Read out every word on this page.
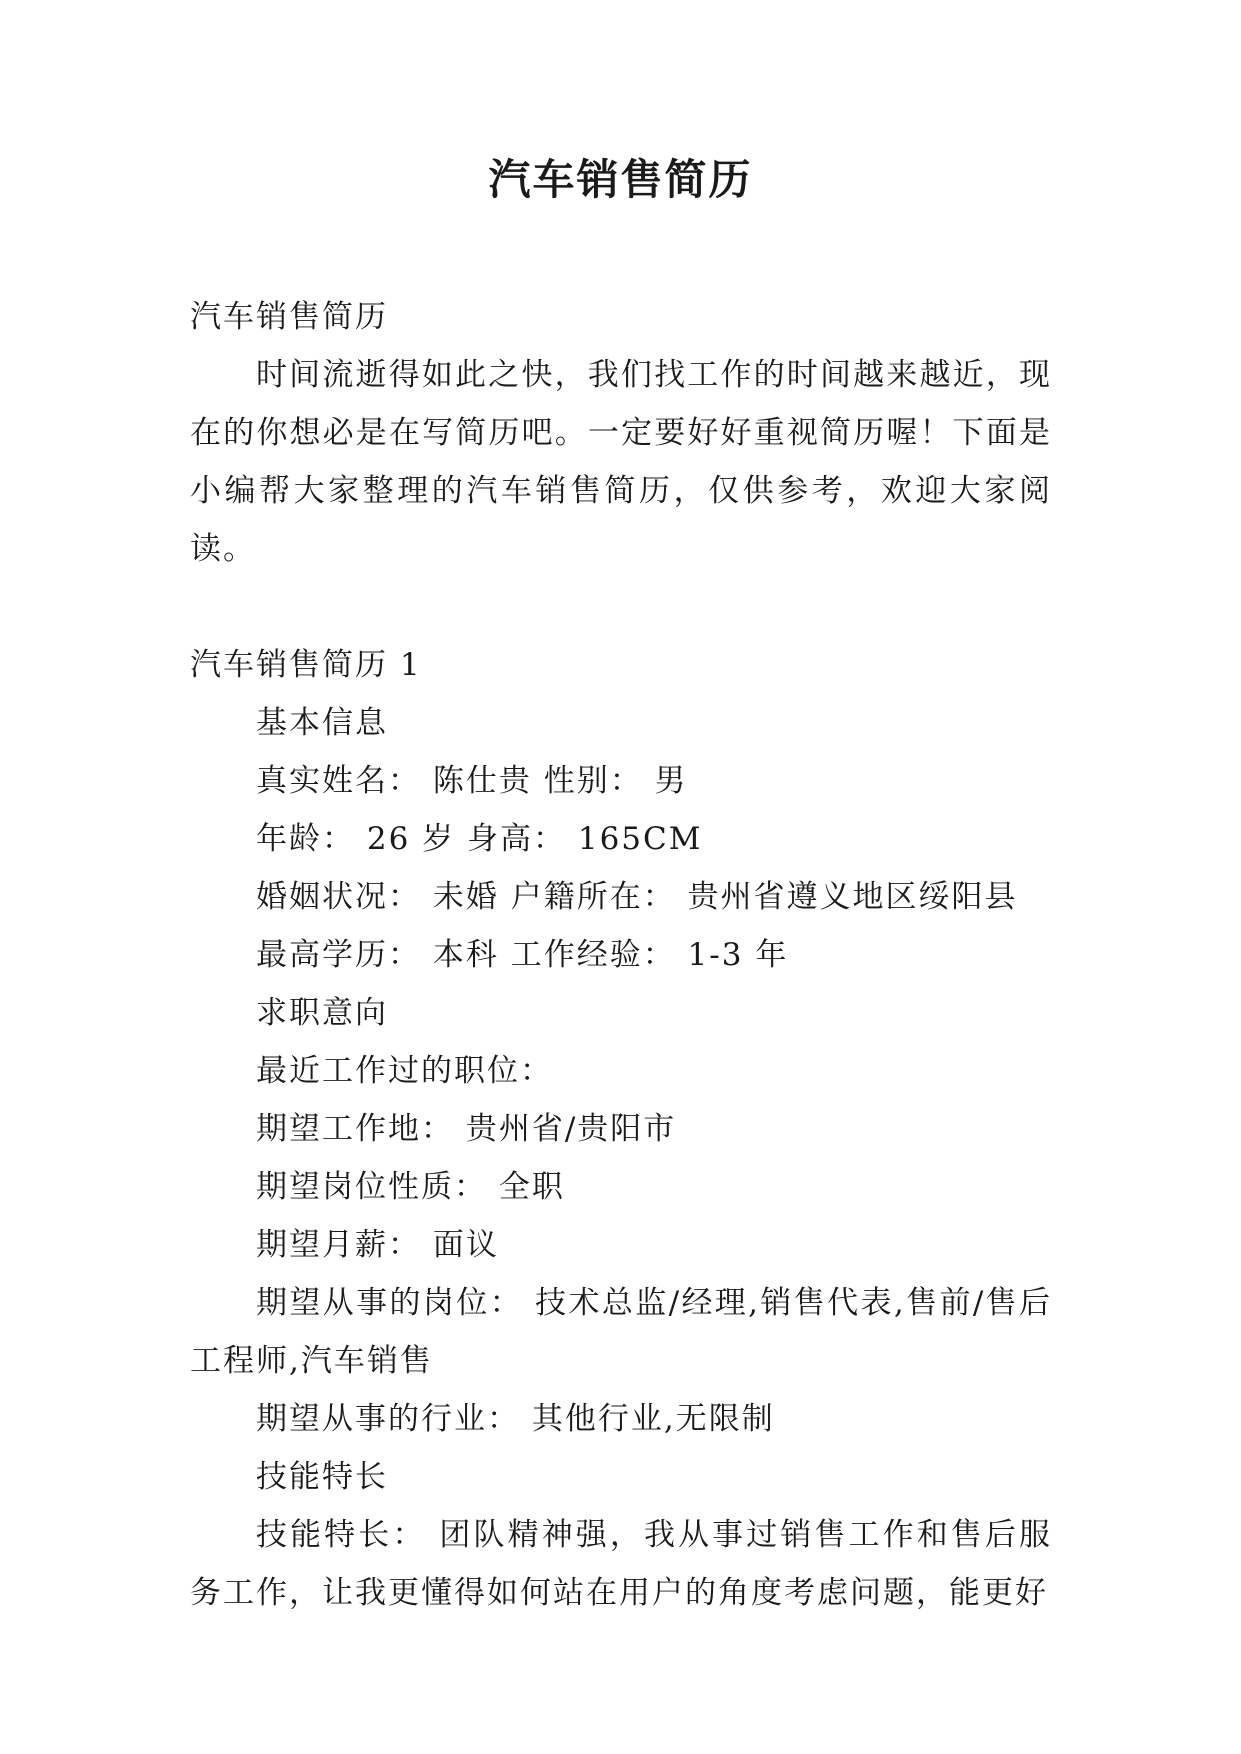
汽车销售简历

汽车销售简历

时间流逝得如此之快，我们找工作的时间越来越近，现在的你想必是在写简历吧。一定要好好重视简历喔！下面是小编帮大家整理的汽车销售简历，仅供参考，欢迎大家阅读。

汽车销售简历 1

基本信息

真实姓名： 陈仕贵 性别： 男

年龄： 26 岁 身高： 165CM

婚姻状况： 未婚 户籍所在： 贵州省遵义地区绥阳县

最高学历： 本科 工作经验： 1-3 年

求职意向

最近工作过的职位：

期望工作地： 贵州省/贵阳市

期望岗位性质： 全职

期望月薪： 面议

期望从事的岗位： 技术总监/经理,销售代表,售前/售后工程师,汽车销售

期望从事的行业： 其他行业,无限制

技能特长

技能特长： 团队精神强，我从事过销售工作和售后服务工作，让我更懂得如何站在用户的角度考虑问题，能更好
